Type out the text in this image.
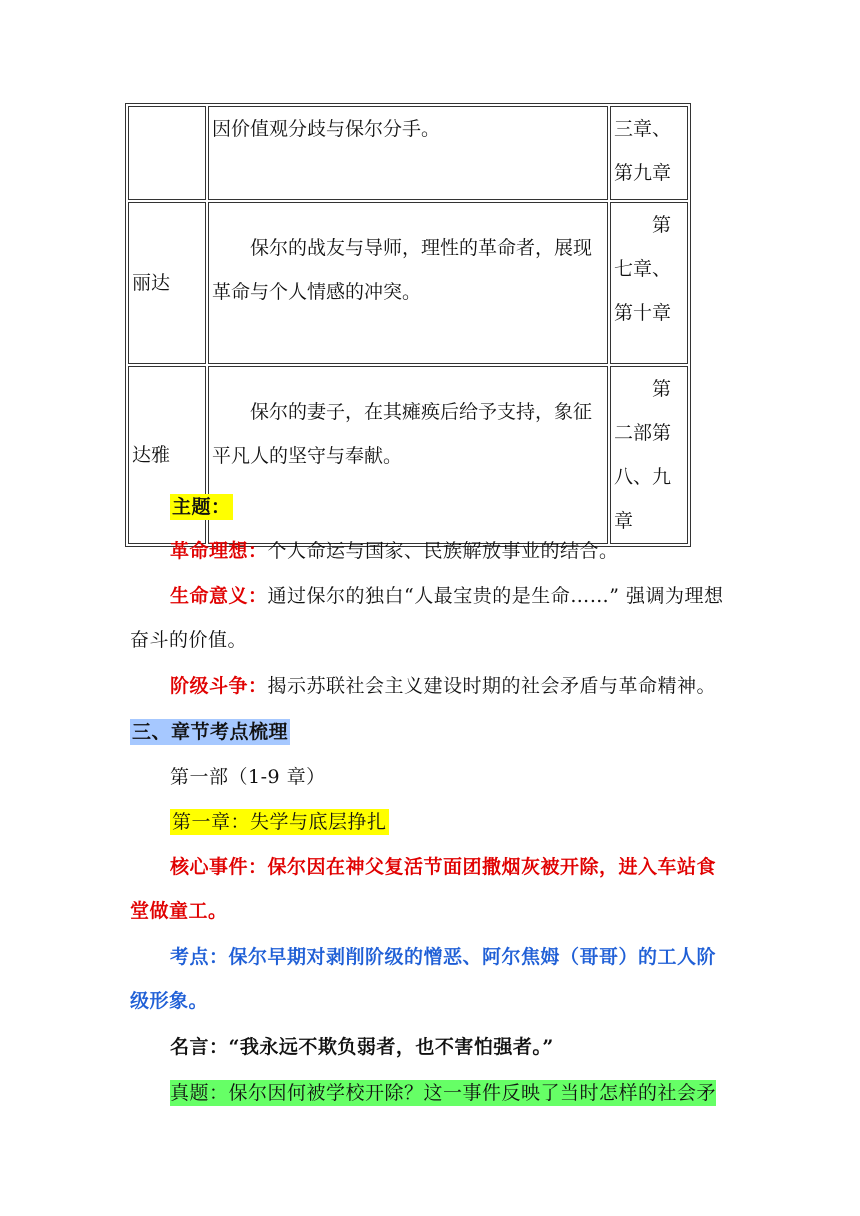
	因价值观分歧与保尔分手。	三章、第九章
丽达	保尔的战友与导师，理性的革命者，展现革命与个人情感的冲突。	第七章、第十章

达雅	保尔的妻子，在其瘫痪后给予支持，象征平凡人的坚守与奉献。	第二部第八、九章
主题：
革命理想：个人命运与国家、民族解放事业的结合。
生命意义：通过保尔的独白“人最宝贵的是生命……” 强调为理想奋斗的价值。
阶级斗争：揭示苏联社会主义建设时期的社会矛盾与革命精神。
三、章节考点梳理
第一部（1-9 章）
第一章：失学与底层挣扎
核心事件：保尔因在神父复活节面团撒烟灰被开除，进入车站食堂做童工。
考点：保尔早期对剥削阶级的憎恶、阿尔焦姆（哥哥）的工人阶级形象。
名言：“我永远不欺负弱者，也不害怕强者。”
真题：保尔因何被学校开除？这一事件反映了当时怎样的社会矛
